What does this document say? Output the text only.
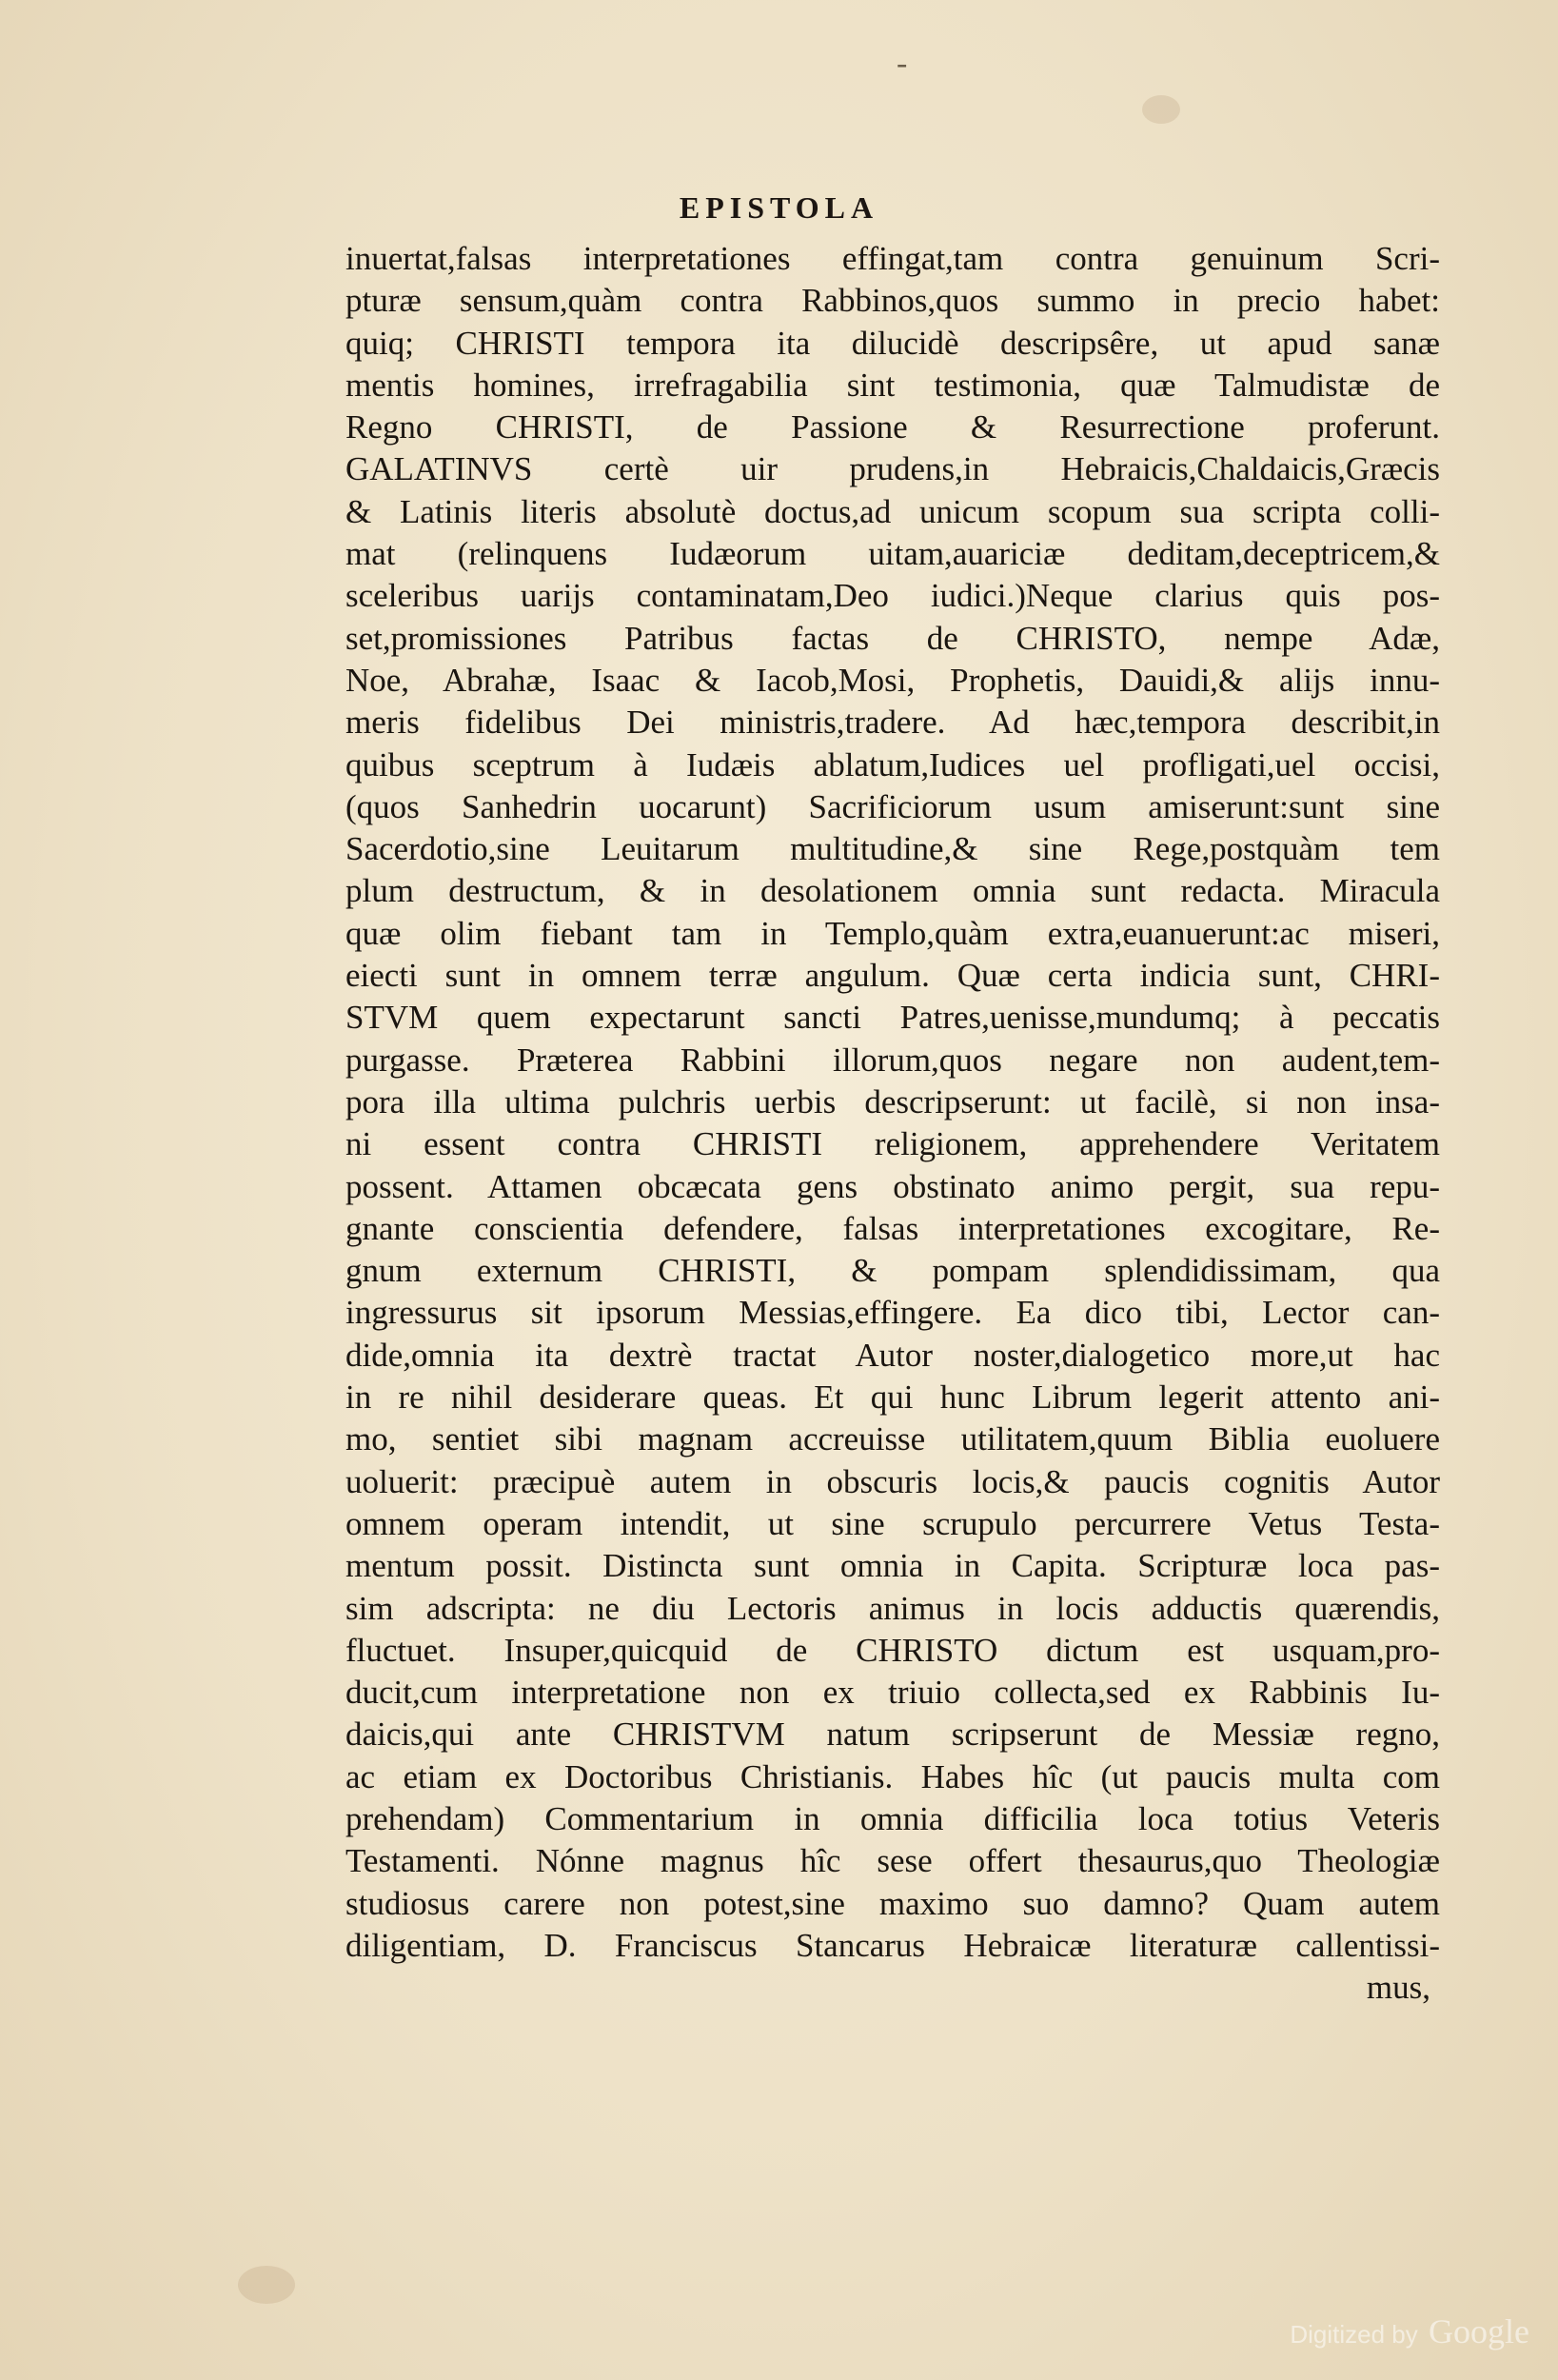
-
EPISTOLA
inuertat,falsas interpretationes effingat,tam contra genuinum Scri-
pturæ sensum,quàm contra Rabbinos,quos summo in precio habet:
quiq; CHRISTI tempora ita dilucidè descripsêre, ut apud sanæ
mentis homines, irrefragabilia sint testimonia, quæ Talmudistæ de
Regno CHRISTI, de Passione & Resurrectione proferunt.
GALATINVS certè uir prudens,in Hebraicis,Chaldaicis,Græcis
& Latinis literis absolutè doctus,ad unicum scopum sua scripta colli-
mat (relinquens Iudæorum uitam,auariciæ deditam,deceptricem,&
sceleribus uarijs contaminatam,Deo iudici.)Neque clarius quis pos-
set,promissiones Patribus factas de CHRISTO, nempe Adæ,
Noe, Abrahæ, Isaac & Iacob,Mosi, Prophetis, Dauidi,& alijs innu-
meris fidelibus Dei ministris,tradere. Ad hæc,tempora describit,in
quibus sceptrum à Iudæis ablatum,Iudices uel profligati,uel occisi,
(quos Sanhedrin uocarunt) Sacrificiorum usum amiserunt:sunt sine
Sacerdotio,sine Leuitarum multitudine,& sine Rege,postquàm tem
plum destructum, & in desolationem omnia sunt redacta. Miracula
quæ olim fiebant tam in Templo,quàm extra,euanuerunt:ac miseri,
eiecti sunt in omnem terræ angulum. Quæ certa indicia sunt, CHRI-
STVM quem expectarunt sancti Patres,uenisse,mundumq; à peccatis
purgasse. Præterea Rabbini illorum,quos negare non audent,tem-
pora illa ultima pulchris uerbis descripserunt: ut facilè, si non insa-
ni essent contra CHRISTI religionem, apprehendere Veritatem
possent. Attamen obcæcata gens obstinato animo pergit, sua repu-
gnante conscientia defendere, falsas interpretationes excogitare, Re-
gnum externum CHRISTI, & pompam splendidissimam, qua
ingressurus sit ipsorum Messias,effingere. Ea dico tibi, Lector can-
dide,omnia ita dextrè tractat Autor noster,dialogetico more,ut hac
in re nihil desiderare queas. Et qui hunc Librum legerit attento ani-
mo, sentiet sibi magnam accreuisse utilitatem,quum Biblia euoluere
uoluerit: præcipuè autem in obscuris locis,& paucis cognitis Autor
omnem operam intendit, ut sine scrupulo percurrere Vetus Testa-
mentum possit. Distincta sunt omnia in Capita. Scripturæ loca pas-
sim adscripta: ne diu Lectoris animus in locis adductis quærendis,
fluctuet. Insuper,quicquid de CHRISTO dictum est usquam,pro-
ducit,cum interpretatione non ex triuio collecta,sed ex Rabbinis Iu-
daicis,qui ante CHRISTVM natum scripserunt de Messiæ regno,
ac etiam ex Doctoribus Christianis. Habes hîc (ut paucis multa com
prehendam) Commentarium in omnia difficilia loca totius Veteris
Testamenti. Nónne magnus hîc sese offert thesaurus,quo Theologiæ
studiosus carere non potest,sine maximo suo damno? Quam autem
diligentiam, D. Franciscus Stancarus Hebraicæ literaturæ callentissi-
mus,
Digitized by Google
